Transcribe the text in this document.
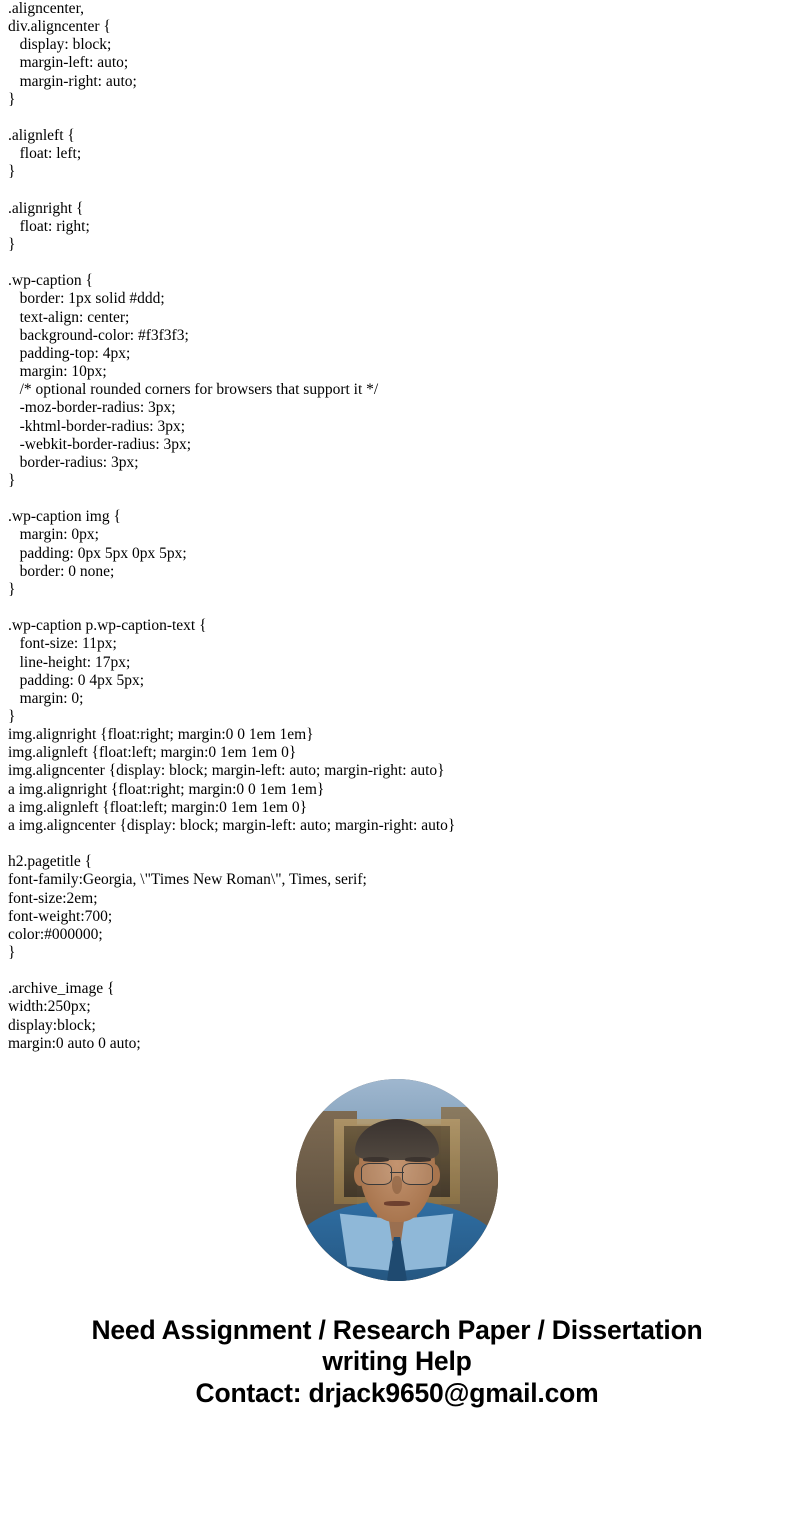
.aligncenter,
div.aligncenter {
display: block;
margin-left: auto;
margin-right: auto;
}
.alignleft {
float: left;
}
.alignright {
float: right;
}
.wp-caption {
border: 1px solid #ddd;
text-align: center;
background-color: #f3f3f3;
padding-top: 4px;
margin: 10px;
/* optional rounded corners for browsers that support it */
-moz-border-radius: 3px;
-khtml-border-radius: 3px;
-webkit-border-radius: 3px;
border-radius: 3px;
}
.wp-caption img {
margin: 0px;
padding: 0px 5px 0px 5px;
border: 0 none;
}
.wp-caption p.wp-caption-text {
font-size: 11px;
line-height: 17px;
padding: 0 4px 5px;
margin: 0;
}
img.alignright {float:right; margin:0 0 1em 1em}
img.alignleft {float:left; margin:0 1em 1em 0}
img.aligncenter {display: block; margin-left: auto; margin-right: auto}
a img.alignright {float:right; margin:0 0 1em 1em}
a img.alignleft {float:left; margin:0 1em 1em 0}
a img.aligncenter {display: block; margin-left: auto; margin-right: auto}
h2.pagetitle {
font-family:Georgia, \"Times New Roman\", Times, serif;
font-size:2em;
font-weight:700;
color:#000000;
}
.archive_image {
width:250px;
display:block;
margin:0 auto 0 auto;
Need Assignment / Research Paper / Dissertation
writing Help
Contact: drjack9650@gmail.com
